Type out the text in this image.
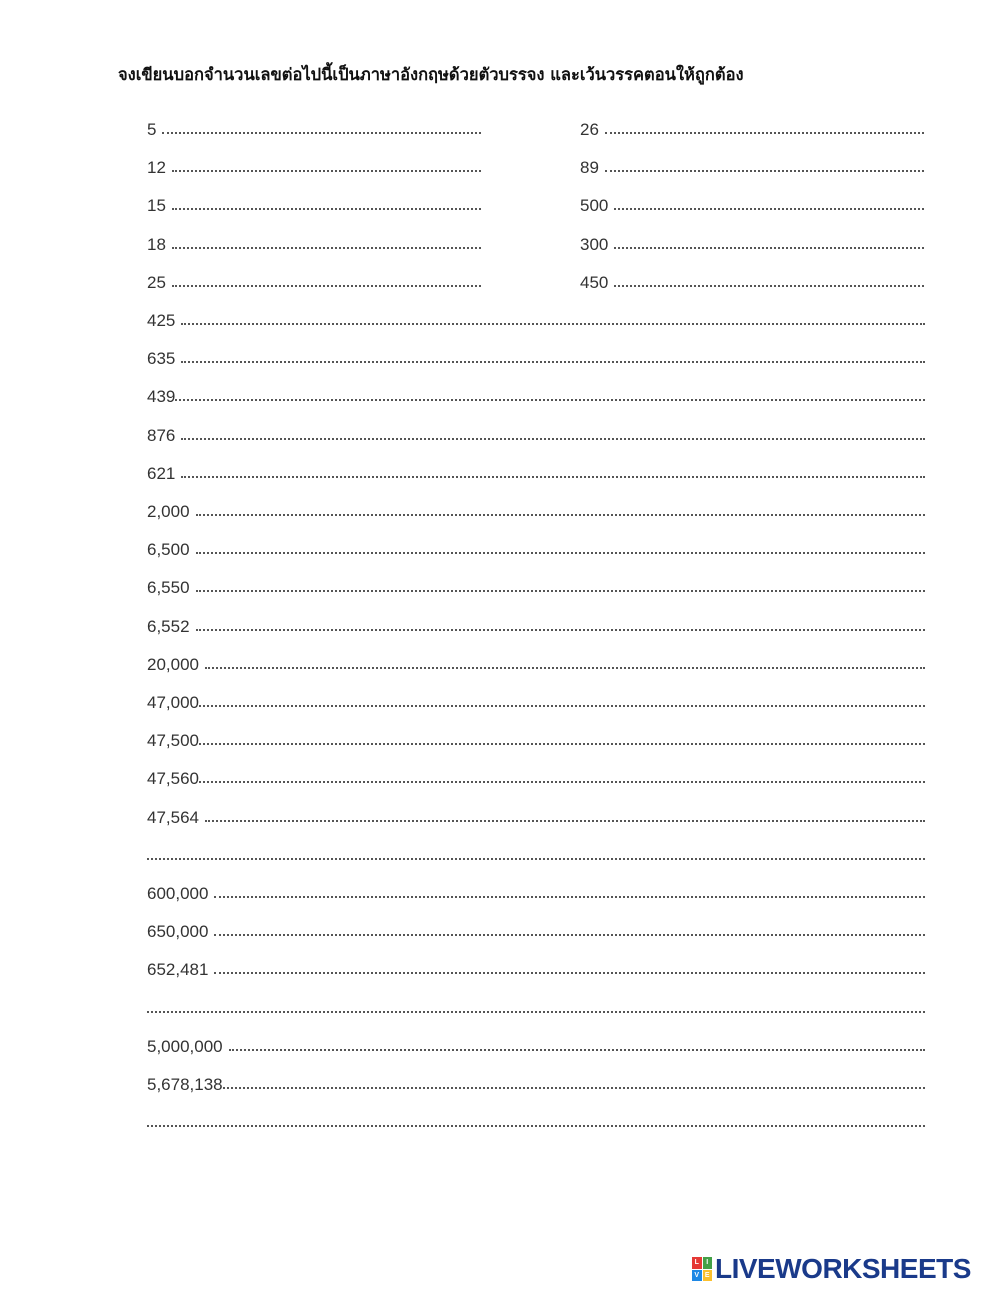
จงเขียนบอกจำนวนเลขต่อไปนี้เป็นภาษาอังกฤษด้วยตัวบรรจง และเว้นวรรคตอนให้ถูกต้อง
5
12
15
18
25
26
89
500
300
450
425
635
439
876
621
2,000
6,500
6,550
6,552
20,000
47,000
47,500
47,560
47,564
600,000
650,000
652,481
5,000,000
5,678,138
L	I
V E LIVEWORKSHEETS
